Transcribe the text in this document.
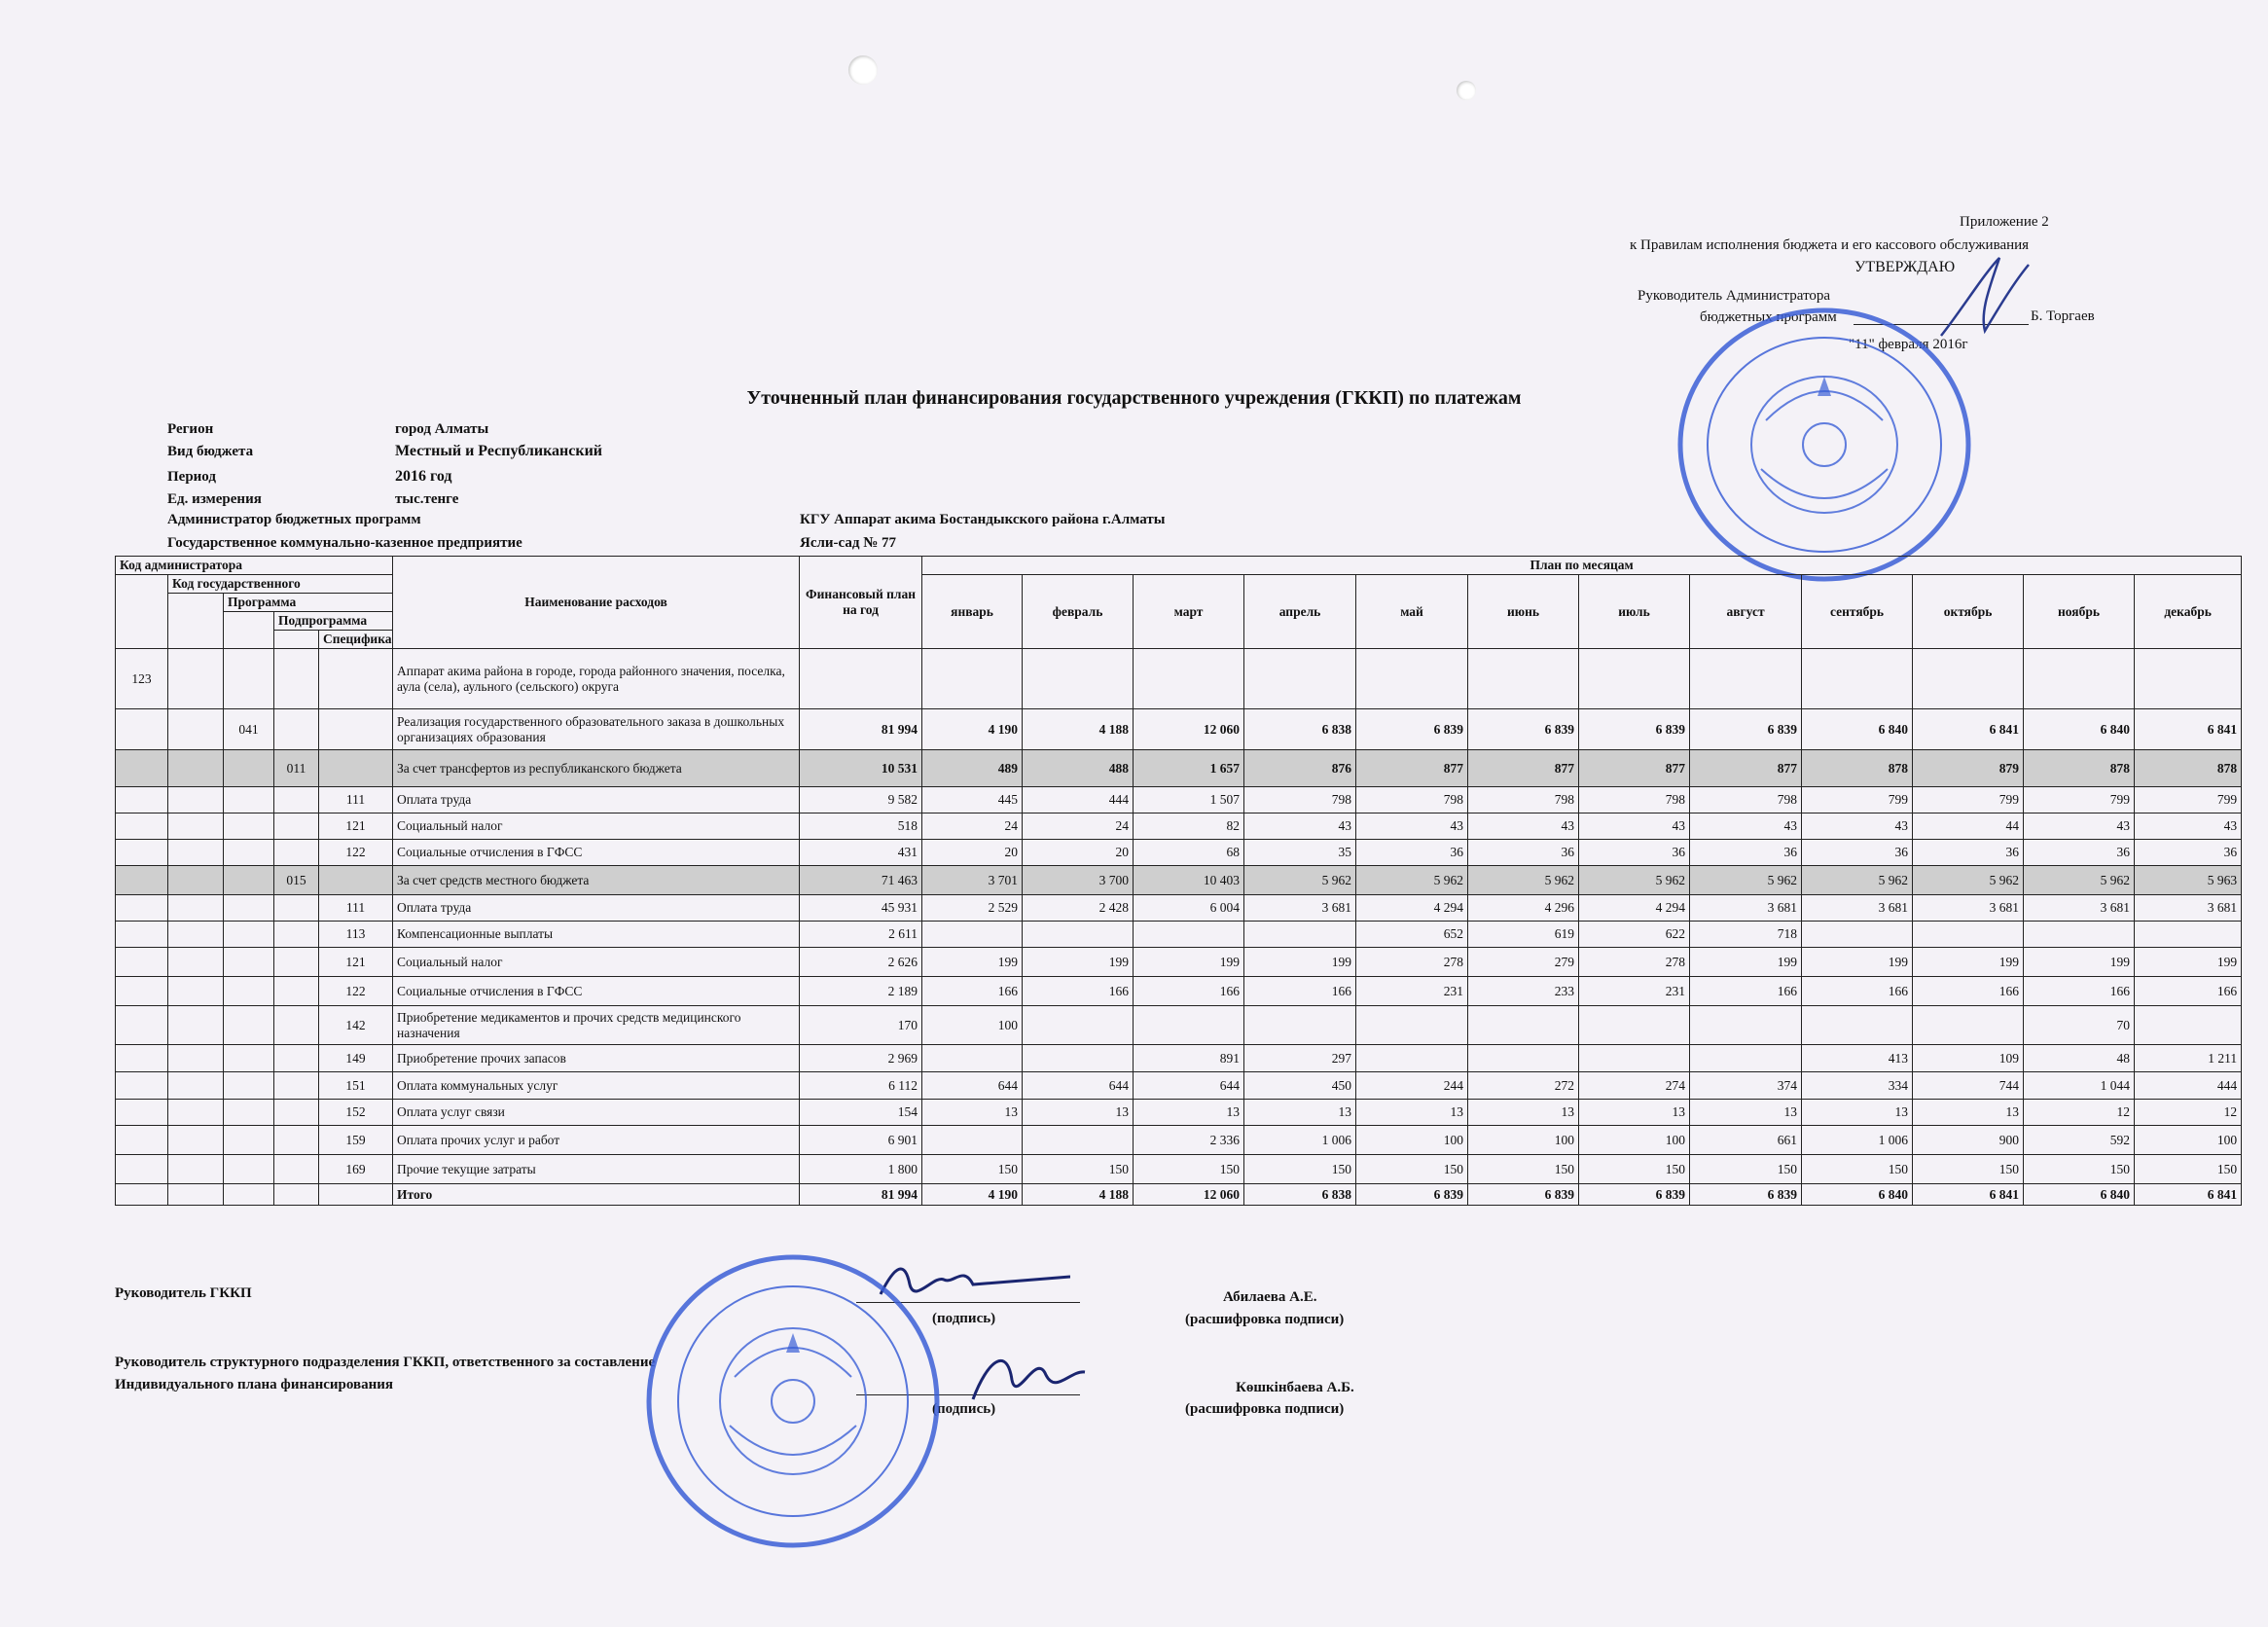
Приложение 2
к Правилам исполнения бюджета и его кассового обслуживания
УТВЕРЖДАЮ
Руководитель Администратора
бюджетных программ	Б. Торгаев
"11" февраля 2016г
Уточненный план финансирования государственного учреждения (ГККП) по платежам
Регион	город Алматы
Вид бюджета	Местный и Республиканский
Период	2016 год
Ед. измерения	тыс.тенге
Администратор бюджетных программ	КГУ Аппарат акима Бостандыкского района г.Алматы
Государственное коммунально-казенное предприятие	Ясли-сад № 77
Код администратора					Наименование расходов	Финансовый план на год	План по месяцам											
	Код государственного						январь	февраль	март	апрель	май	июнь	июль	август	сентябрь	октябрь	ноябрь	декабрь
		Программа																
			Подпрограмма															
				Специфика														
123					Аппарат акима района в городе, города районного значения, поселка, аула (села), аульного (сельского) округа													
		041			Реализация государственного образовательного заказа в дошкольных организациях образования	81 994	4 190	4 188	12 060	6 838	6 839	6 839	6 839	6 839	6 840	6 841	6 840	6 841
			011		За счет трансфертов из республиканского бюджета	10 531	489	488	1 657	876	877	877	877	877	878	879	878	878
				111	Оплата труда	9 582	445	444	1 507	798	798	798	798	798	799	799	799	799
				121	Социальный налог	518	24	24	82	43	43	43	43	43	43	44	43	43
				122	Социальные отчисления в ГФСС	431	20	20	68	35	36	36	36	36	36	36	36	36
			015		За счет средств местного бюджета	71 463	3 701	3 700	10 403	5 962	5 962	5 962	5 962	5 962	5 962	5 962	5 962	5 963
				111	Оплата труда	45 931	2 529	2 428	6 004	3 681	4 294	4 296	4 294	3 681	3 681	3 681	3 681	3 681
				113	Компенсационные выплаты	2 611					652	619	622	718				
				121	Социальный налог	2 626	199	199	199	199	278	279	278	199	199	199	199	199
				122	Социальные отчисления в ГФСС	2 189	166	166	166	166	231	233	231	166	166	166	166	166
				142	Приобретение медикаментов и прочих средств медицинского назначения	170	100										70	
				149	Приобретение прочих запасов	2 969			891	297					413	109	48	1 211
				151	Оплата коммунальных услуг	6 112	644	644	644	450	244	272	274	374	334	744	1 044	444
				152	Оплата услуг связи	154	13	13	13	13	13	13	13	13	13	13	12	12
				159	Оплата прочих услуг и работ	6 901			2 336	1 006	100	100	100	661	1 006	900	592	100
				169	Прочие текущие затраты	1 800	150	150	150	150	150	150	150	150	150	150	150	150
					Итого	81 994	4 190	4 188	12 060	6 838	6 839	6 839	6 839	6 839	6 840	6 841	6 840	6 841
Руководитель ГККП
(подпись)
Абилаева А.Е.
(расшифровка подписи)
Руководитель структурного подразделения ГККП, ответственного за составление
Индивидуального плана финансирования
(подпись)
Көшкінбаева А.Б.
(расшифровка подписи)
